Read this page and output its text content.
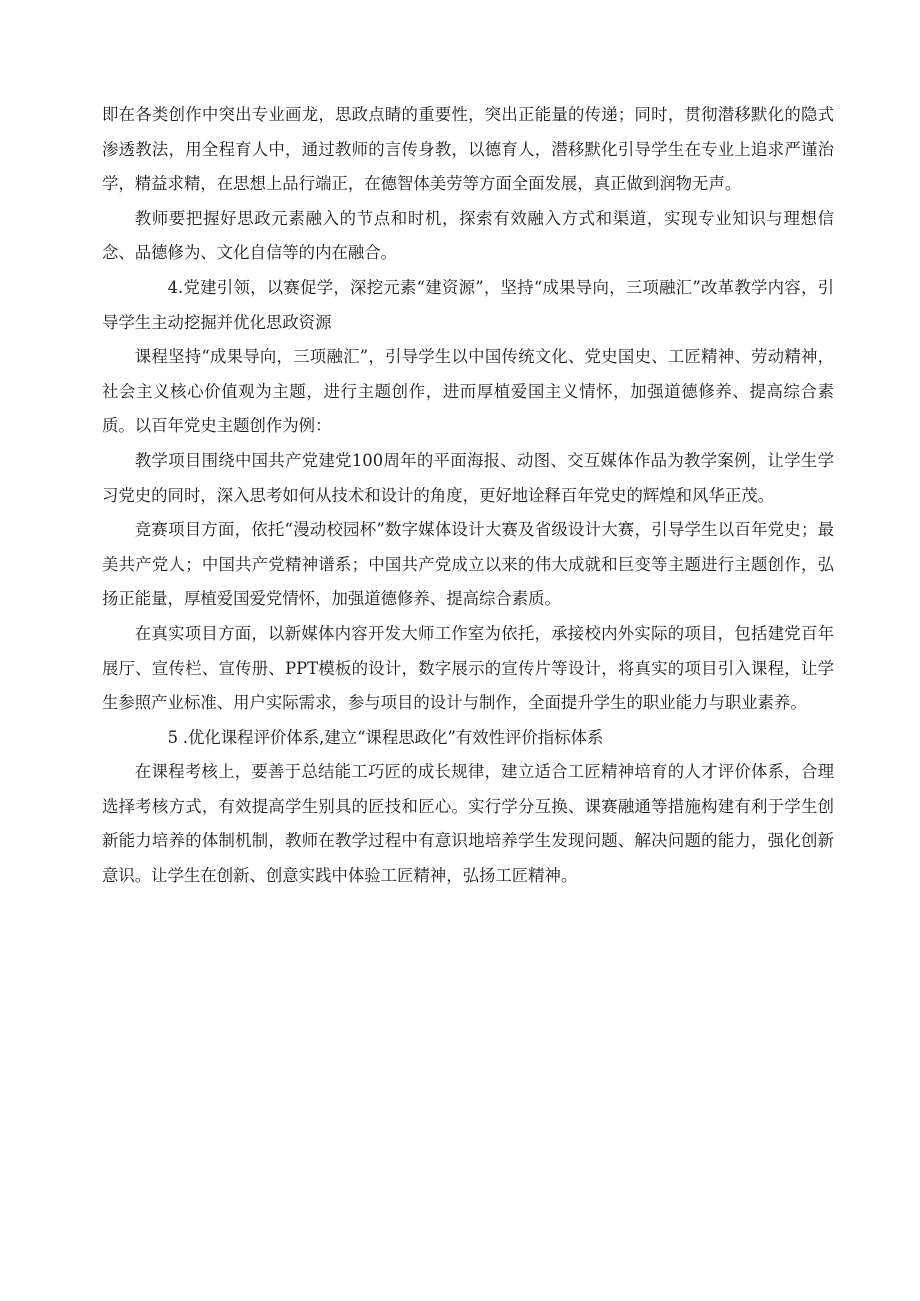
即在各类创作中突出专业画龙，思政点睛的重要性，突出正能量的传递；同时，贯彻潜移默化的隐式渗透教法，用全程育人中，通过教师的言传身教，以德育人，潜移默化引导学生在专业上追求严谨治学，精益求精，在思想上品行端正，在德智体美劳等方面全面发展，真正做到润物无声。

教师要把握好思政元素融入的节点和时机，探索有效融入方式和渠道，实现专业知识与理想信念、品德修为、文化自信等的内在融合。

4.党建引领，以赛促学，深挖元素“建资源”，坚持“成果导向，三项融汇”改革教学内容，引导学生主动挖掘并优化思政资源

课程坚持“成果导向，三项融汇”，引导学生以中国传统文化、党史国史、工匠精神、劳动精神，社会主义核心价值观为主题，进行主题创作，进而厚植爱国主义情怀，加强道德修养、提高综合素质。以百年党史主题创作为例：

教学项目围绕中国共产党建党100周年的平面海报、动图、交互媒体作品为教学案例，让学生学习党史的同时，深入思考如何从技术和设计的角度，更好地诠释百年党史的辉煌和风华正茂。

竞赛项目方面，依托“漫动校园杯”数字媒体设计大赛及省级设计大赛，引导学生以百年党史；最美共产党人；中国共产党精神谱系；中国共产党成立以来的伟大成就和巨变等主题进行主题创作，弘扬正能量，厚植爱国爱党情怀，加强道德修养、提高综合素质。

在真实项目方面，以新媒体内容开发大师工作室为依托，承接校内外实际的项目，包括建党百年展厅、宣传栏、宣传册、PPT模板的设计，数字展示的宣传片等设计，将真实的项目引入课程，让学生参照产业标准、用户实际需求，参与项目的设计与制作，全面提升学生的职业能力与职业素养。

5 .优化课程评价体系,建立“课程思政化”有效性评价指标体系

在课程考核上，要善于总结能工巧匠的成长规律，建立适合工匠精神培育的人才评价体系，合理选择考核方式，有效提高学生别具的匠技和匠心。实行学分互换、课赛融通等措施构建有利于学生创新能力培养的体制机制，教师在教学过程中有意识地培养学生发现问题、解决问题的能力，强化创新意识。让学生在创新、创意实践中体验工匠精神，弘扬工匠精神。
